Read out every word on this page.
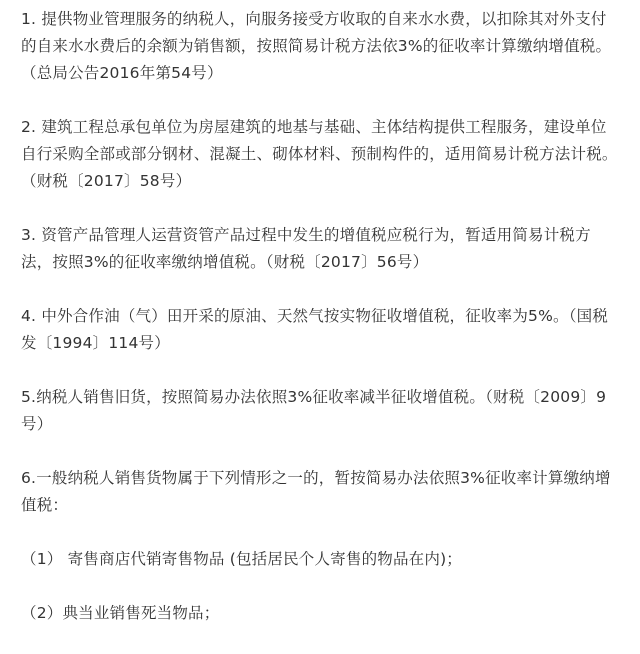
1. 提供物业管理服务的纳税人，向服务接受方收取的自来水水费，以扣除其对外支付的自来水水费后的余额为销售额，按照简易计税方法依3%的征收率计算缴纳增值税。（总局公告2016年第54号）

2. 建筑工程总承包单位为房屋建筑的地基与基础、主体结构提供工程服务，建设单位自行采购全部或部分钢材、混凝土、砌体材料、预制构件的，适用简易计税方法计税。（财税〔2017〕58号）

3. 资管产品管理人运营资管产品过程中发生的增值税应税行为，暂适用简易计税方法，按照3%的征收率缴纳增值税。（财税〔2017〕56号）

4. 中外合作油（气）田开采的原油、天然气按实物征收增值税，征收率为5%。（国税发〔1994〕114号）

5.纳税人销售旧货，按照简易办法依照3%征收率减半征收增值税。（财税〔2009〕9号）

6.一般纳税人销售货物属于下列情形之一的，暂按简易办法依照3%征收率计算缴纳增值税：

（1） 寄售商店代销寄售物品 (包括居民个人寄售的物品在内)；

（2）典当业销售死当物品；
